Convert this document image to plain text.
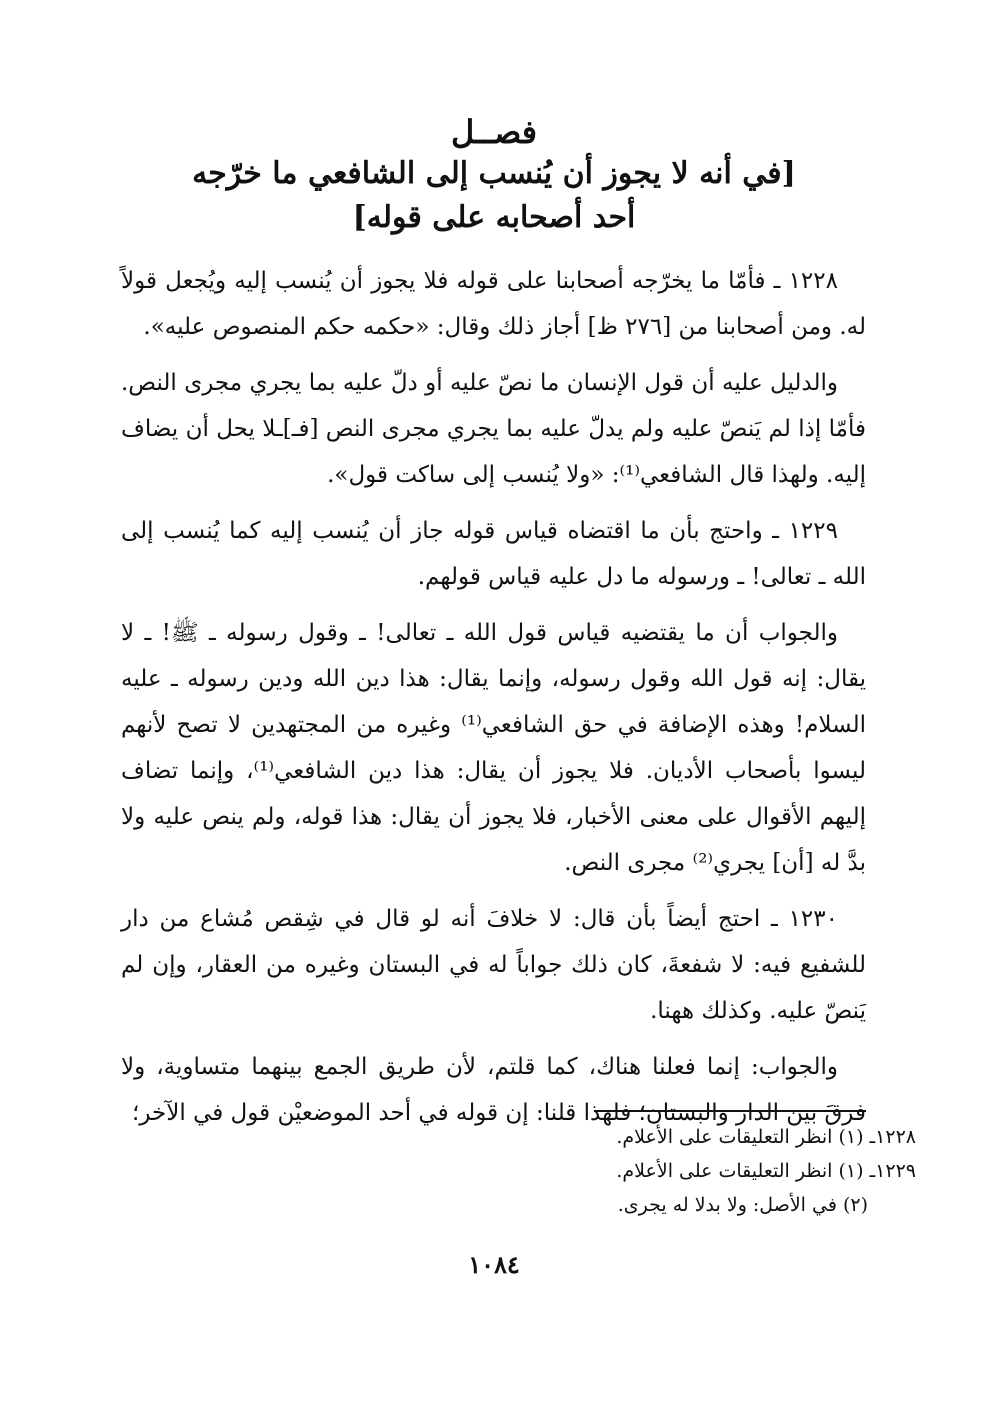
فصــل
[في أنه لا يجوز أن يُنسب إلى الشافعي ما خرّجه
أحد أصحابه على قوله]

١٢٢٨ ـ فأمّا ما يخرّجه أصحابنا على قوله فلا يجوز أن يُنسب إليه ويُجعل قولاً له. ومن أصحابنا من [٢٧٦ ظ] أجاز ذلك وقال: «حكمه حكم المنصوص عليه».

والدليل عليه أن قول الإنسان ما نصّ عليه أو دلّ عليه بما يجري مجرى النص. فأمّا إذا لم يَنصّ عليه ولم يدلّ عليه بما يجري مجرى النص [فـ]ـلا يحل أن يضاف إليه. ولهذا قال الشافعي⁽¹⁾: «ولا يُنسب إلى ساكت قول».

١٢٢٩ ـ واحتج بأن ما اقتضاه قياس قوله جاز أن يُنسب إليه كما يُنسب إلى الله ـ تعالى! ـ ورسوله ما دل عليه قياس قولهم.

والجواب أن ما يقتضيه قياس قول الله ـ تعالى! ـ وقول رسوله ـ ﷺ! ـ لا يقال: إنه قول الله وقول رسوله، وإنما يقال: هذا دين الله ودين رسوله ـ عليه السلام! وهذه الإضافة في حق الشافعي⁽¹⁾ وغيره من المجتهدين لا تصح لأنهم ليسوا بأصحاب الأديان. فلا يجوز أن يقال: هذا دين الشافعي⁽¹⁾، وإنما تضاف إليهم الأقوال على معنى الأخبار، فلا يجوز أن يقال: هذا قوله، ولم ينص عليه ولا بدَّ له [أن] يجري⁽²⁾ مجرى النص.

١٢٣٠ ـ احتج أيضاً بأن قال: لا خلافَ أنه لو قال في شِقص مُشاع من دار للشفيع فيه: لا شفعةَ، كان ذلك جواباً له في البستان وغيره من العقار، وإن لم يَنصّ عليه. وكذلك ههنا.

والجواب: إنما فعلنا هناك، كما قلتم، لأن طريق الجمع بينهما متساوية، ولا فرقَ بين الدار والبستان؛ فلهذا قلنا: إن قوله في أحد الموضعيْن قول في الآخر؛

١٢٢٨ـ (١) انظر التعليقات على الأعلام.

١٢٢٩ـ (١) انظر التعليقات على الأعلام.

(٢) في الأصل: ولا بدلا له يجرى.

١٠٨٤
